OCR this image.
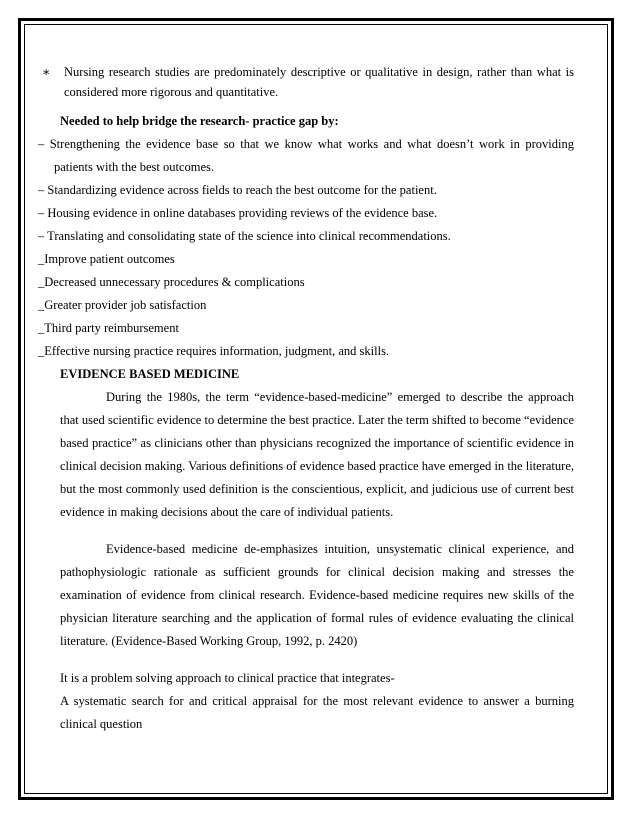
∗ Nursing research studies are predominately descriptive or qualitative in design, rather than what is considered more rigorous and quantitative.
Needed to help bridge the research- practice gap by:
– Strengthening the evidence base so that we know what works and what doesn’t work in providing patients with the best outcomes.
– Standardizing evidence across fields to reach the best outcome for the patient.
– Housing evidence in online databases providing reviews of the evidence base.
– Translating and consolidating state of the science into clinical recommendations.
_Improve patient outcomes
_Decreased unnecessary procedures & complications
_Greater provider job satisfaction
_Third party reimbursement
_Effective nursing practice requires information, judgment, and skills.
EVIDENCE BASED MEDICINE
During the 1980s, the term “evidence-based-medicine” emerged to describe the approach that used scientific evidence to determine the best practice. Later the term shifted to become “evidence based practice” as clinicians other than physicians recognized the importance of scientific evidence in clinical decision making. Various definitions of evidence based practice have emerged in the literature, but the most commonly used definition is the conscientious, explicit, and judicious use of current best evidence in making decisions about the care of individual patients.
Evidence-based medicine de-emphasizes intuition, unsystematic clinical experience, and pathophysiologic rationale as sufficient grounds for clinical decision making and stresses the examination of evidence from clinical research. Evidence-based medicine requires new skills of the physician literature searching and the application of formal rules of evidence evaluating the clinical literature. (Evidence-Based Working Group, 1992, p. 2420)
It is a problem solving approach to clinical practice that integrates-
A systematic search for and critical appraisal for the most relevant evidence to answer a burning clinical question
